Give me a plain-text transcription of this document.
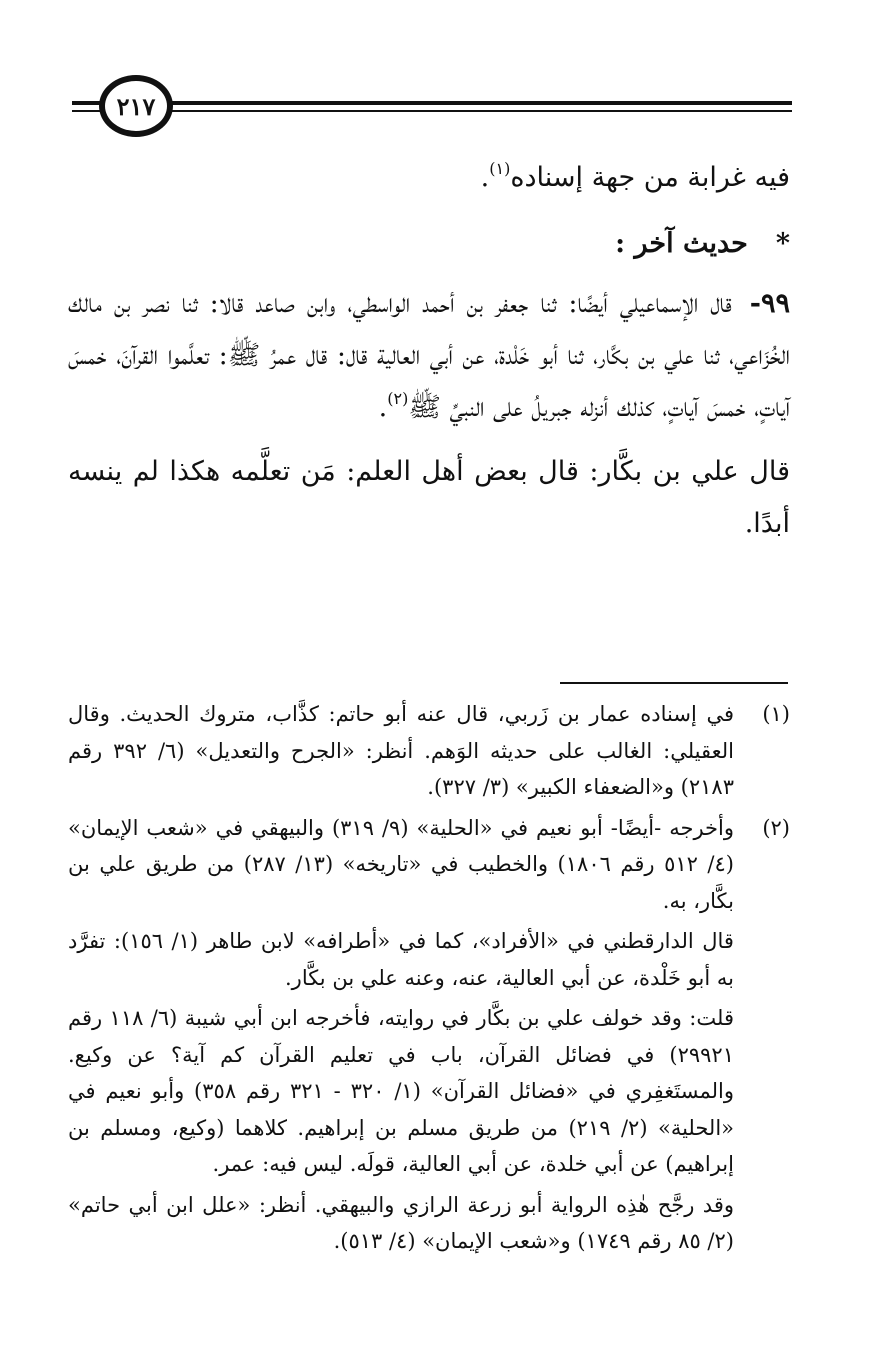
٢١٧

فيه غرابة من جهة إسناده$^{(١)}$.

*حديث آخر :

٩٩-قال الإسماعيلي أيضًا: ثنا جعفر بن أحمد الواسطي، وابن صاعد قالا: ثنا نصر بن مالك الخُزَاعي، ثنا علي بن بكَّار، ثنا أبو خَلْدة، عن أبي العالية قال: قال عمرُ ﷺ: تعلَّموا القرآنَ، خمسَ آياتٍ، خمسَ آياتٍ، كذلك أنزله جبريلُ على النبيِّ ﷺ$^{(٢)}$.

قال علي بن بكَّار: قال بعض أهل العلم: مَن تعلَّمه هكذا لم ينسه أبدًا.

(١)

في إسناده عمار بن زَربي، قال عنه أبو حاتم: كذَّاب، متروك الحديث. وقال العقيلي: الغالب على حديثه الوَهم. أنظر: «الجرح والتعديل» (٦/ ٣٩٢ رقم ٢١٨٣) و«الضعفاء الكبير» (٣/ ٣٢٧).

(٢)

وأخرجه -أيضًا- أبو نعيم في «الحلية» (٩/ ٣١٩) والبيهقي في «شعب الإيمان» (٤/ ٥١٢ رقم ١٨٠٦) والخطيب في «تاريخه» (١٣/ ٢٨٧) من طريق علي بن بكَّار، به.

قال الدارقطني في «الأفراد»، كما في «أطرافه» لابن طاهر (١/ ١٥٦): تفرَّد به أبو خَلْدة، عن أبي العالية، عنه، وعنه علي بن بكَّار.

قلت: وقد خولف علي بن بكَّار في روايته، فأخرجه ابن أبي شيبة (٦/ ١١٨ رقم ٢٩٩٢١) في فضائل القرآن، باب في تعليم القرآن كم آية؟ عن وكيع. والمستَغفِري في «فضائل القرآن» (١/ ٣٢٠ - ٣٢١ رقم ٣٥٨) وأبو نعيم في «الحلية» (٢/ ٢١٩) من طريق مسلم بن إبراهيم. كلاهما (وكيع، ومسلم بن إبراهيم) عن أبي خلدة، عن أبي العالية، قولَه. ليس فيه: عمر.

وقد رجَّح هٰذِه الرواية أبو زرعة الرازي والبيهقي. أنظر: «علل ابن أبي حاتم» (٢/ ٨٥ رقم ١٧٤٩) و«شعب الإيمان» (٤/ ٥١٣).
